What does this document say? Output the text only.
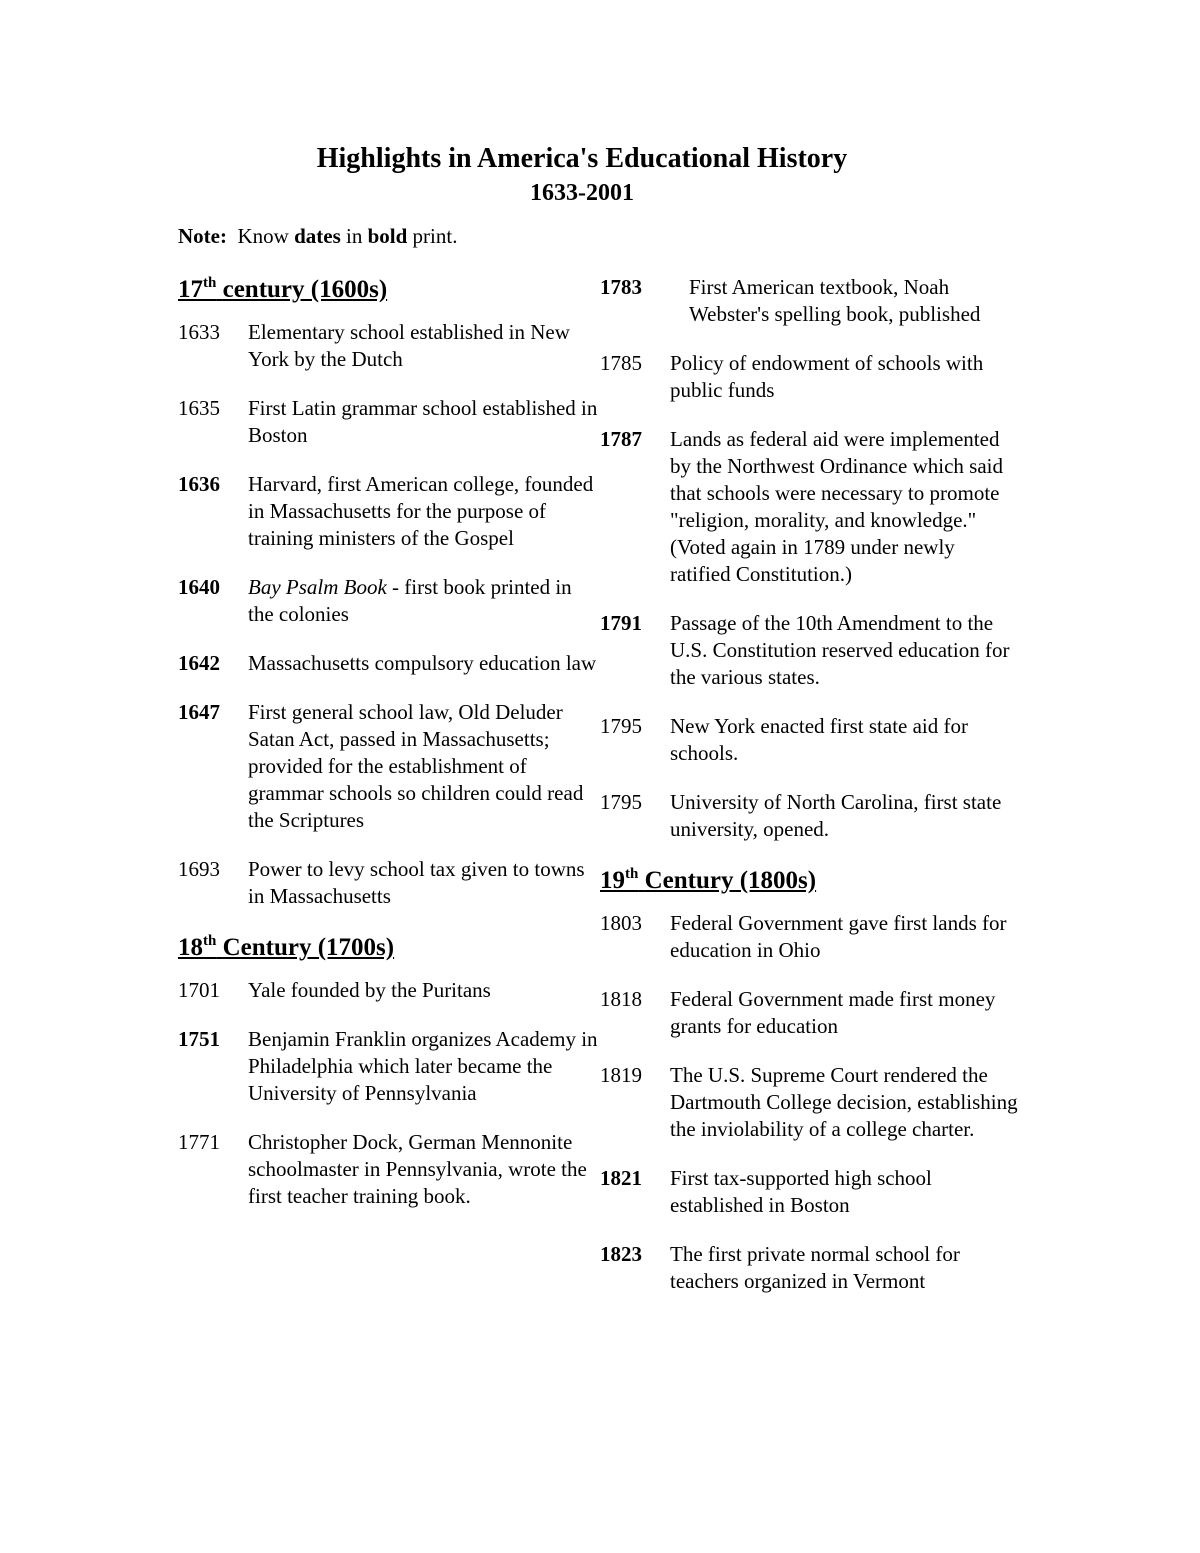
Highlights in America's Educational History
1633-2001
Note: Know dates in bold print.
17th century (1600s)
1633	Elementary school established in New York by the Dutch
1635	First Latin grammar school established in Boston
1636	Harvard, first American college, founded in Massachusetts for the purpose of training ministers of the Gospel
1640	Bay Psalm Book - first book printed in the colonies
1642	Massachusetts compulsory education law
1647	First general school law, Old Deluder Satan Act, passed in Massachusetts; provided for the establishment of grammar schools so children could read the Scriptures
1693	Power to levy school tax given to towns in Massachusetts
18th Century (1700s)
1701	Yale founded by the Puritans
1751	Benjamin Franklin organizes Academy in Philadelphia which later became the University of Pennsylvania
1771	Christopher Dock, German Mennonite schoolmaster in Pennsylvania, wrote the first teacher training book.
1783	First American textbook, Noah Webster's spelling book, published
1785	Policy of endowment of schools with public funds
1787	Lands as federal aid were implemented by the Northwest Ordinance which said that schools were necessary to promote "religion, morality, and knowledge." (Voted again in 1789 under newly ratified Constitution.)
1791	Passage of the 10th Amendment to the U.S. Constitution reserved education for the various states.
1795	New York enacted first state aid for schools.
1795	University of North Carolina, first state university, opened.
19th Century (1800s)
1803	Federal Government gave first lands for education in Ohio
1818	Federal Government made first money grants for education
1819	The U.S. Supreme Court rendered the Dartmouth College decision, establishing the inviolability of a college charter.
1821	First tax-supported high school established in Boston
1823	The first private normal school for teachers organized in Vermont
